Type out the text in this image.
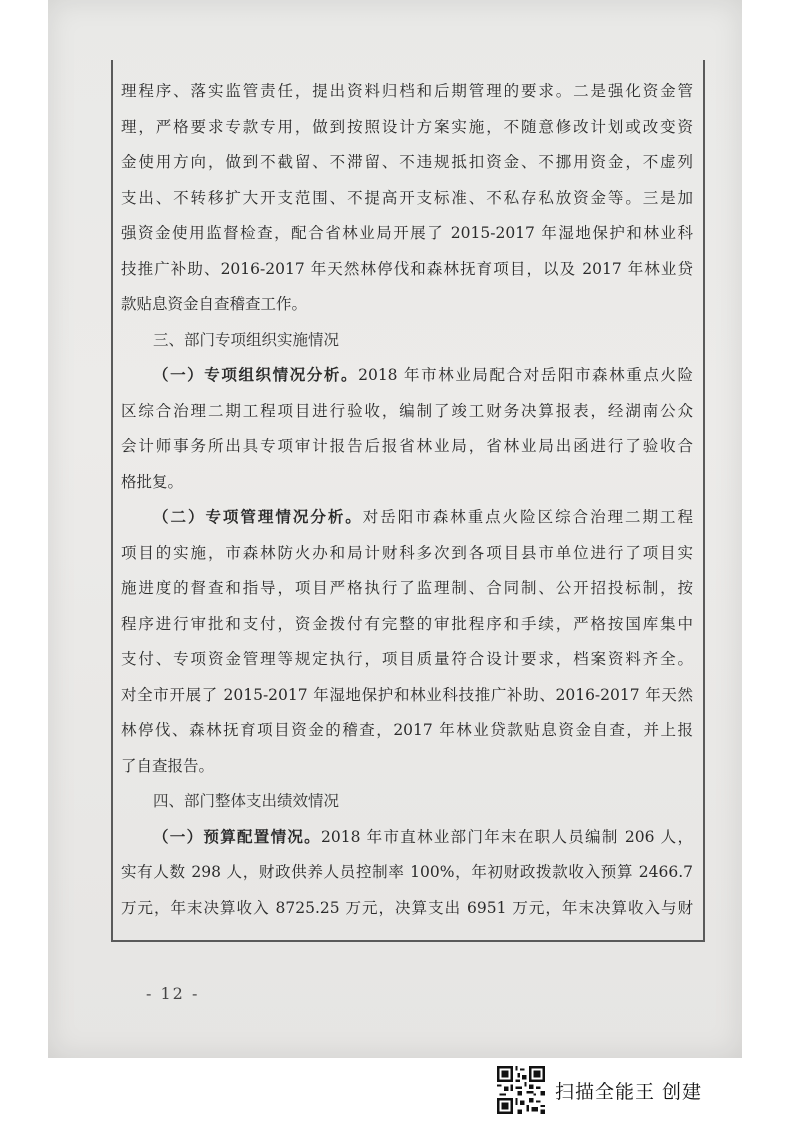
理程序、落实监管责任，提出资料归档和后期管理的要求。二是强化资金管
理，严格要求专款专用，做到按照设计方案实施，不随意修改计划或改变资
金使用方向，做到不截留、不滞留、不违规抵扣资金、不挪用资金，不虚列
支出、不转移扩大开支范围、不提高开支标准、不私存私放资金等。三是加
强资金使用监督检查，配合省林业局开展了 2015-2017 年湿地保护和林业科
技推广补助、2016-2017 年天然林停伐和森林抚育项目，以及 2017 年林业贷
款贴息资金自查稽查工作。
三、部门专项组织实施情况
（一）专项组织情况分析。2018 年市林业局配合对岳阳市森林重点火险
区综合治理二期工程项目进行验收，编制了竣工财务决算报表，经湖南公众
会计师事务所出具专项审计报告后报省林业局，省林业局出函进行了验收合
格批复。
（二）专项管理情况分析。对岳阳市森林重点火险区综合治理二期工程
项目的实施，市森林防火办和局计财科多次到各项目县市单位进行了项目实
施进度的督查和指导，项目严格执行了监理制、合同制、公开招投标制，按
程序进行审批和支付，资金拨付有完整的审批程序和手续，严格按国库集中
支付、专项资金管理等规定执行，项目质量符合设计要求，档案资料齐全。
对全市开展了 2015-2017 年湿地保护和林业科技推广补助、2016-2017 年天然
林停伐、森林抚育项目资金的稽查，2017 年林业贷款贴息资金自查，并上报
了自查报告。
四、部门整体支出绩效情况
（一）预算配置情况。2018 年市直林业部门年末在职人员编制 206 人，
实有人数 298 人，财政供养人员控制率 100%，年初财政拨款收入预算 2466.7
万元，年末决算收入 8725.25 万元，决算支出 6951 万元，年末决算收入与财
- 12 -
扫描全能王 创建
